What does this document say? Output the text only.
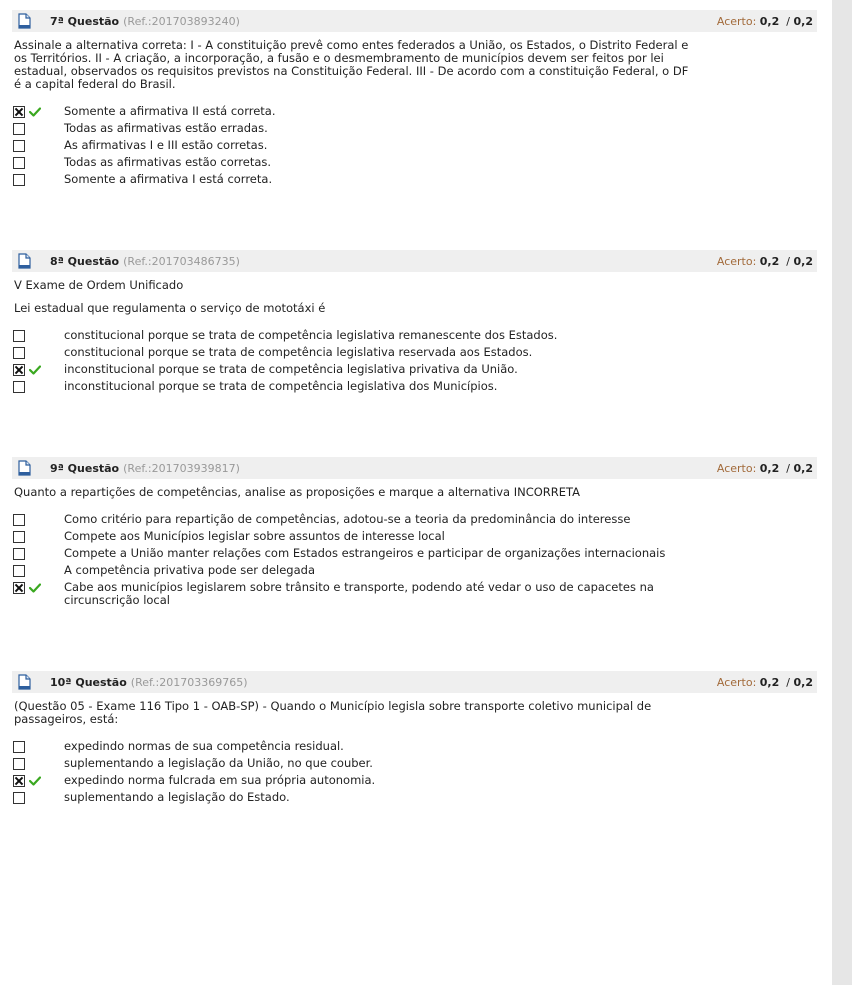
7ª Questão (Ref.:201703893240)	Acerto: 0,2 / 0,2
Assinale a alternativa correta: I - A constituição prevê como entes federados a União, os Estados, o Distrito Federal e
os Territórios. II - A criação, a incorporação, a fusão e o desmembramento de municípios devem ser feitos por lei
estadual, observados os requisitos previstos na Constituição Federal. III - De acordo com a constituição Federal, o DF
é a capital federal do Brasil.
Somente a afirmativa II está correta.
Todas as afirmativas estão erradas.
As afirmativas I e III estão corretas.
Todas as afirmativas estão corretas.
Somente a afirmativa I está correta.
8ª Questão (Ref.:201703486735)	Acerto: 0,2 / 0,2
V Exame de Ordem Unificado
Lei estadual que regulamenta o serviço de mototáxi é
constitucional porque se trata de competência legislativa remanescente dos Estados.
constitucional porque se trata de competência legislativa reservada aos Estados.
inconstitucional porque se trata de competência legislativa privativa da União.
inconstitucional porque se trata de competência legislativa dos Municípios.
9ª Questão (Ref.:201703939817)	Acerto: 0,2 / 0,2
Quanto a repartições de competências, analise as proposições e marque a alternativa INCORRETA
Como critério para repartição de competências, adotou-se a teoria da predominância do interesse
Compete aos Municípios legislar sobre assuntos de interesse local
Compete a União manter relações com Estados estrangeiros e participar de organizações internacionais
A competência privativa pode ser delegada
Cabe aos municípios legislarem sobre trânsito e transporte, podendo até vedar o uso de capacetes na
circunscrição local
10ª Questão (Ref.:201703369765)	Acerto: 0,2 / 0,2
(Questão 05 - Exame 116 Tipo 1 - OAB-SP) - Quando o Município legisla sobre transporte coletivo municipal de
passageiros, está:
expedindo normas de sua competência residual.
suplementando a legislação da União, no que couber.
expedindo norma fulcrada em sua própria autonomia.
suplementando a legislação do Estado.
